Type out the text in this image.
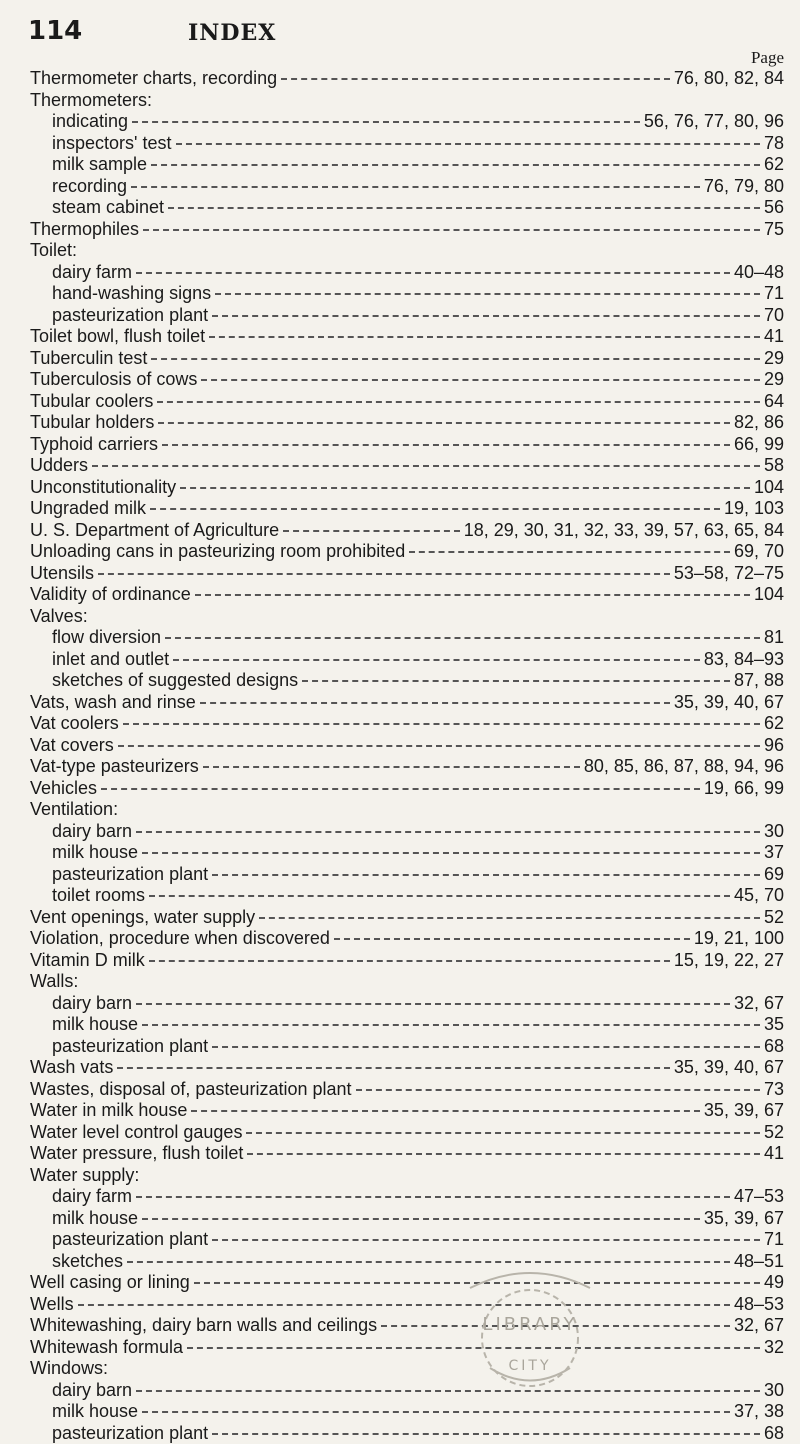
114	INDEX
Page
Thermometer charts, recording	76, 80, 82, 84
Thermometers:
indicating	56, 76, 77, 80, 96
inspectors' test	78
milk sample	62
recording	76, 79, 80
steam cabinet	56
Thermophiles	75
Toilet:
dairy farm	40–48
hand-washing signs	71
pasteurization plant	70
Toilet bowl, flush toilet	41
Tuberculin test	29
Tuberculosis of cows	29
Tubular coolers	64
Tubular holders	82, 86
Typhoid carriers	66, 99
Udders	58
Unconstitutionality	104
Ungraded milk	19, 103
U. S. Department of Agriculture	18, 29, 30, 31, 32, 33, 39, 57, 63, 65, 84
Unloading cans in pasteurizing room prohibited	69, 70
Utensils	53–58, 72–75
Validity of ordinance	104
Valves:
flow diversion	81
inlet and outlet	83, 84–93
sketches of suggested designs	87, 88
Vats, wash and rinse	35, 39, 40, 67
Vat coolers	62
Vat covers	96
Vat-type pasteurizers	80, 85, 86, 87, 88, 94, 96
Vehicles	19, 66, 99
Ventilation:
dairy barn	30
milk house	37
pasteurization plant	69
toilet rooms	45, 70
Vent openings, water supply	52
Violation, procedure when discovered	19, 21, 100
Vitamin D milk	15, 19, 22, 27
Walls:
dairy barn	32, 67
milk house	35
pasteurization plant	68
Wash vats	35, 39, 40, 67
Wastes, disposal of, pasteurization plant	73
Water in milk house	35, 39, 67
Water level control gauges	52
Water pressure, flush toilet	41
Water supply:
dairy farm	47–53
milk house	35, 39, 67
pasteurization plant	71
sketches	48–51
Well casing or lining	49
Wells	48–53
Whitewashing, dairy barn walls and ceilings	32, 67
Whitewash formula	32
Windows:
dairy barn	30
milk house	37, 38
pasteurization plant	68
LIBRARY
CITY
